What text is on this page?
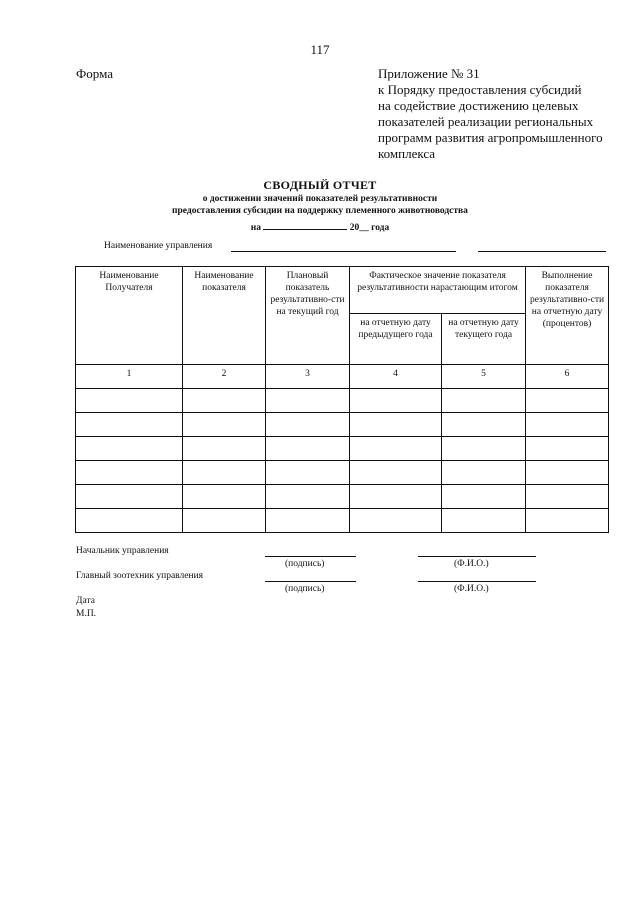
117
Форма	Приложение № 31
к Порядку предоставления субсидий
на содействие достижению целевых
показателей реализации региональных
программ развития агропромышленного
комплекса
СВОДНЫЙ ОТЧЕТ
о достижении значений показателей результативности
предоставления субсидии на поддержку племенного животноводства
на	20__ года
Наименование управления
Наименование Получателя	Наименование показателя	Плановый показатель результативно-сти на текущий год	Фактическое значение показателя результативности нарастающим итогом		Выполнение показателя результативно-сти на отчетную дату (процентов)
			на отчетную дату предыдущего года	на отчетную дату текущего года	
1	2	3	4	5	6

Начальник управления
(подпись)	(Ф.И.О.)
Главный зоотехник управления
(подпись)	(Ф.И.О.)
Дата
М.П.
